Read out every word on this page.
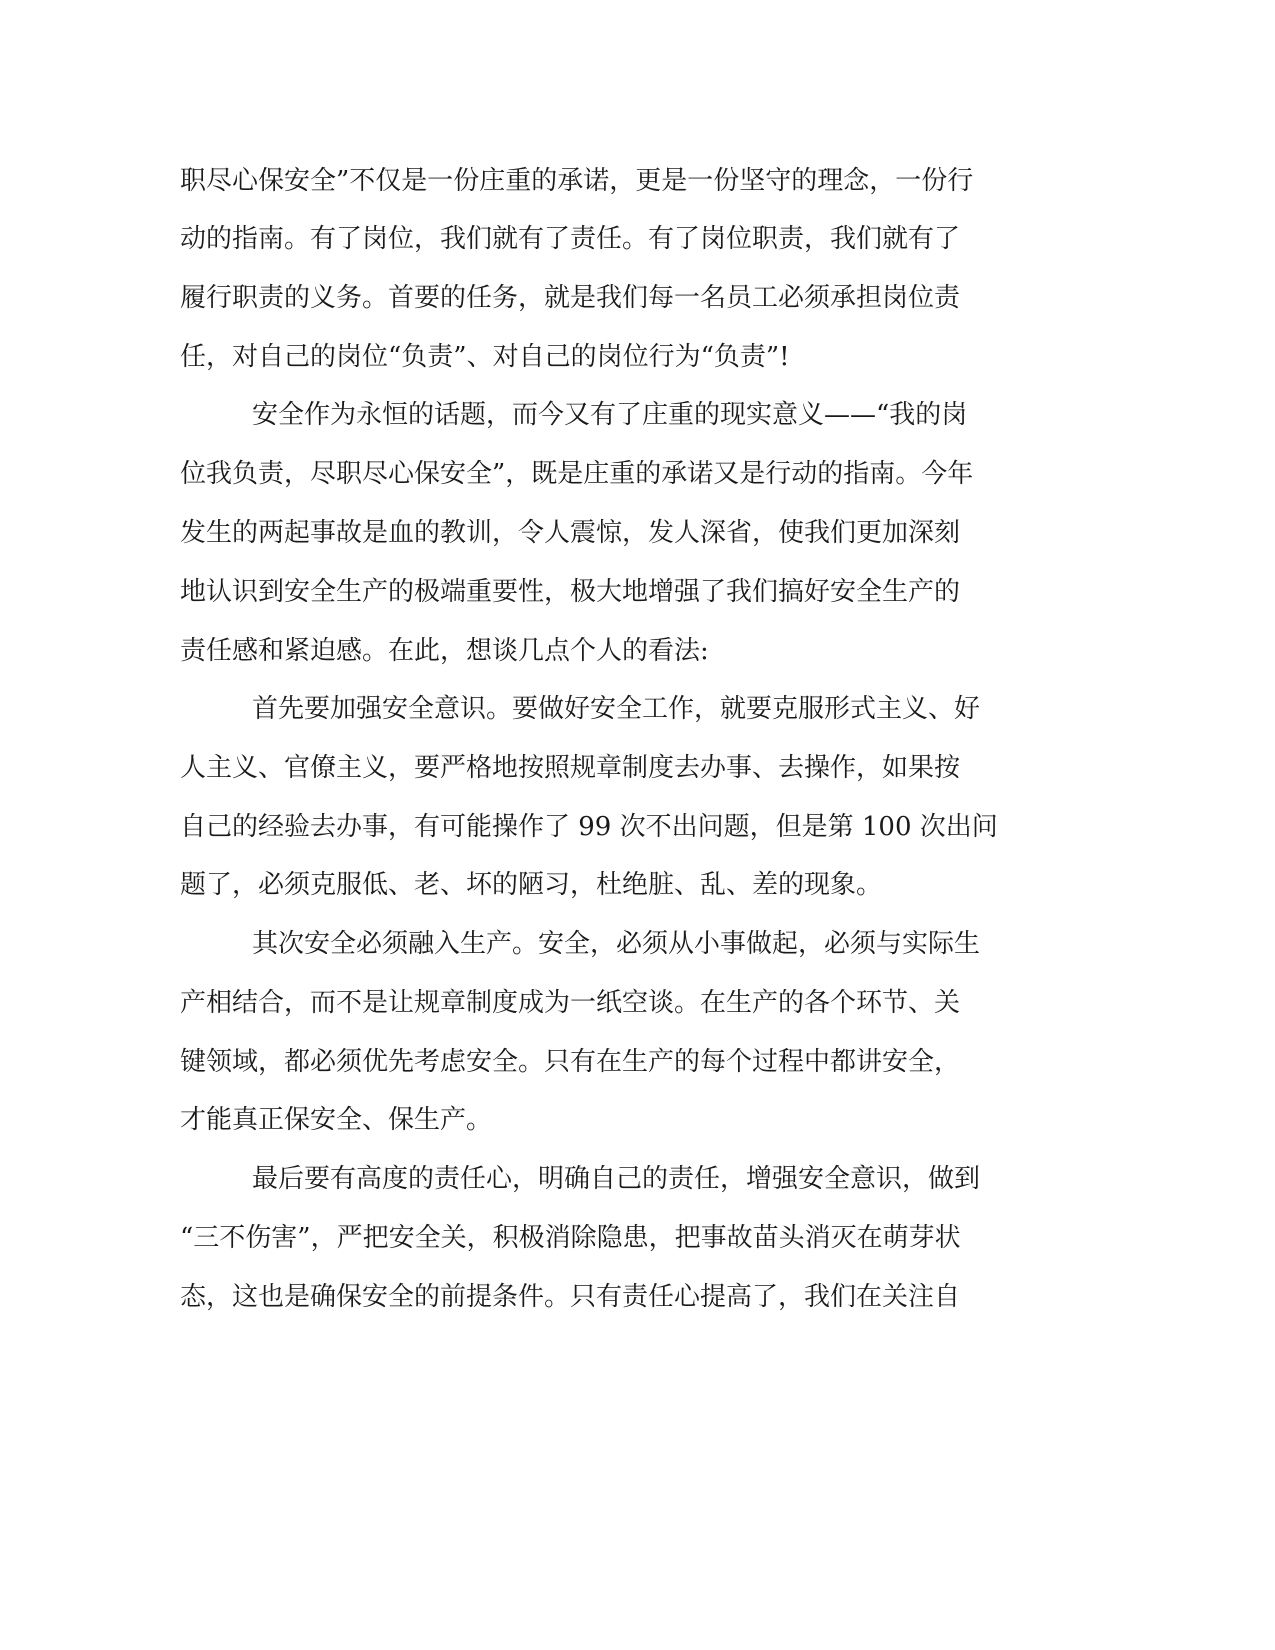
职尽心保安全”不仅是一份庄重的承诺，更是一份坚守的理念，一份行

动的指南。有了岗位，我们就有了责任。有了岗位职责，我们就有了

履行职责的义务。首要的任务，就是我们每一名员工必须承担岗位责

任，对自己的岗位“负责”、对自己的岗位行为“负责”!

安全作为永恒的话题，而今又有了庄重的现实意义——“我的岗

位我负责，尽职尽心保安全”，既是庄重的承诺又是行动的指南。今年

发生的两起事故是血的教训，令人震惊，发人深省，使我们更加深刻

地认识到安全生产的极端重要性，极大地增强了我们搞好安全生产的

责任感和紧迫感。在此，想谈几点个人的看法:

首先要加强安全意识。要做好安全工作，就要克服形式主义、好

人主义、官僚主义，要严格地按照规章制度去办事、去操作，如果按

自己的经验去办事，有可能操作了 99 次不出问题，但是第 100 次出问

题了，必须克服低、老、坏的陋习，杜绝脏、乱、差的现象。

其次安全必须融入生产。安全，必须从小事做起，必须与实际生

产相结合，而不是让规章制度成为一纸空谈。在生产的各个环节、关

键领域，都必须优先考虑安全。只有在生产的每个过程中都讲安全，

才能真正保安全、保生产。

最后要有高度的责任心，明确自己的责任，增强安全意识，做到

“三不伤害”，严把安全关，积极消除隐患，把事故苗头消灭在萌芽状

态，这也是确保安全的前提条件。只有责任心提高了，我们在关注自
